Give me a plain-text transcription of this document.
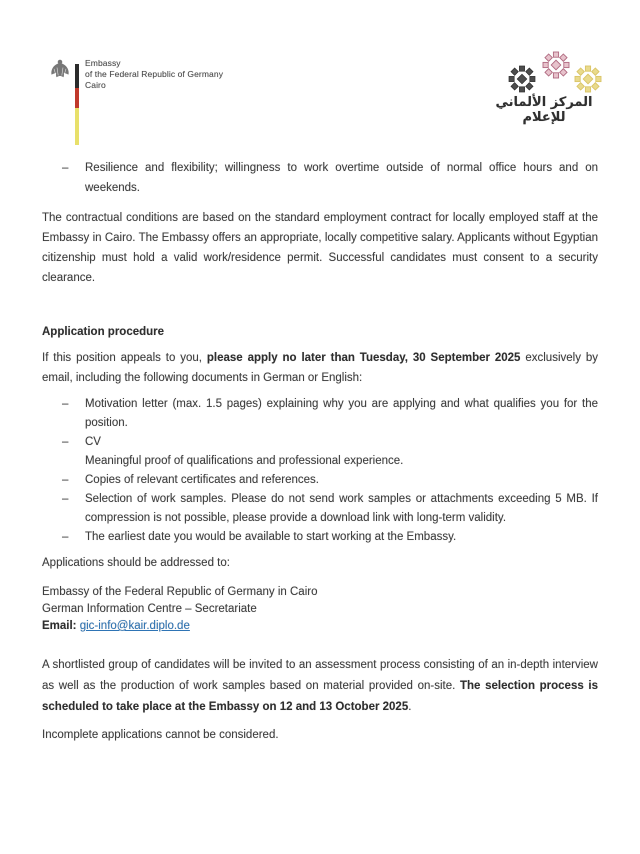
Embassy
of the Federal Republic of Germany
Cairo
المركز الألماني للإعلام
–	Resilience and flexibility; willingness to work overtime outside of normal office hours and on weekends.
The contractual conditions are based on the standard employment contract for locally employed staff at the Embassy in Cairo. The Embassy offers an appropriate, locally competitive salary. Applicants without Egyptian citizenship must hold a valid work/residence permit. Successful candidates must consent to a security clearance.
Application procedure
If this position appeals to you, please apply no later than Tuesday, 30 September 2025 exclusively by email, including the following documents in German or English:
–	Motivation letter (max. 1.5 pages) explaining why you are applying and what qualifies you for the position.
–	CV
Meaningful proof of qualifications and professional experience.
–	Copies of relevant certificates and references.
–	Selection of work samples. Please do not send work samples or attachments exceeding 5 MB. If compression is not possible, please provide a download link with long-term validity.
–	The earliest date you would be available to start working at the Embassy.
Applications should be addressed to:
Embassy of the Federal Republic of Germany in Cairo
German Information Centre – Secretariate
Email: gic-info@kair.diplo.de
A shortlisted group of candidates will be invited to an assessment process consisting of an in-depth interview as well as the production of work samples based on material provided on-site. The selection process is scheduled to take place at the Embassy on 12 and 13 October 2025.
Incomplete applications cannot be considered.
